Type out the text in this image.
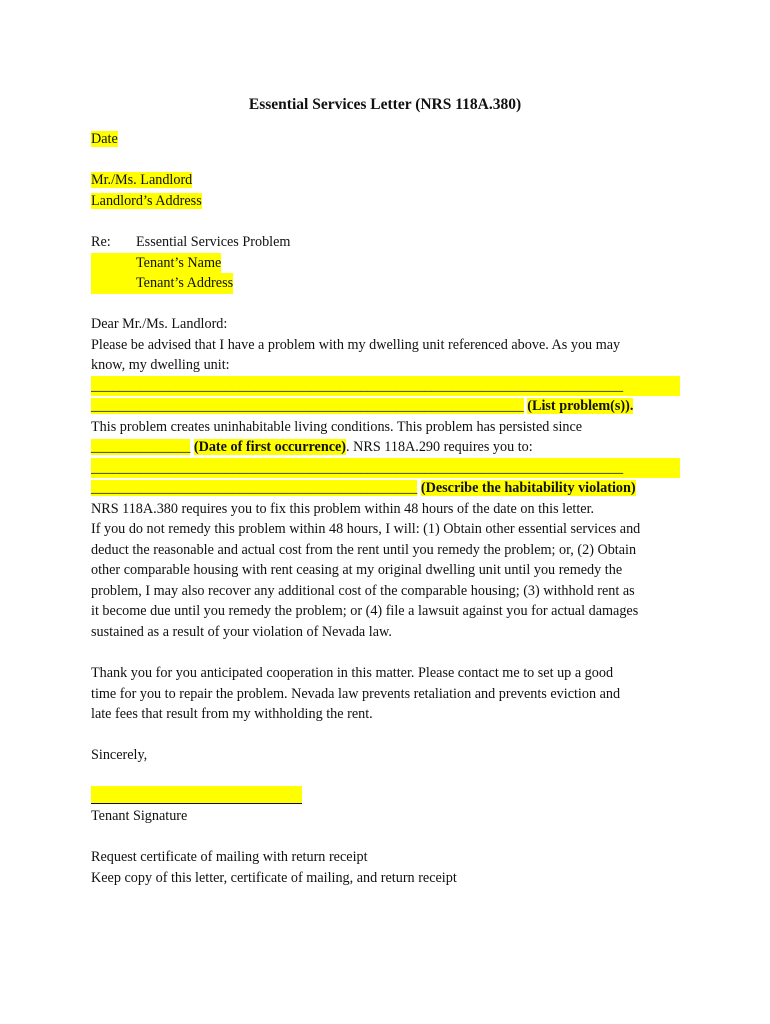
Essential Services Letter (NRS 118A.380)
Date
Mr./Ms. Landlord
Landlord’s Address
Re:	Essential Services Problem
Tenant’s Name
Tenant’s Address
Dear Mr./Ms. Landlord:
Please be advised that I have a problem with my dwelling unit referenced above. As you may
know, my dwelling unit:
___________________________________________________________________________
_____________________________________________________________ (List problem(s)).
This problem creates uninhabitable living conditions. This problem has persisted since
______________ (Date of first occurrence). NRS 118A.290 requires you to:
___________________________________________________________________________
______________________________________________ (Describe the habitability violation)
NRS 118A.380 requires you to fix this problem within 48 hours of the date on this letter.
If you do not remedy this problem within 48 hours, I will: (1) Obtain other essential services and
deduct the reasonable and actual cost from the rent until you remedy the problem; or, (2) Obtain
other comparable housing with rent ceasing at my original dwelling unit until you remedy the
problem, I may also recover any additional cost of the comparable housing; (3) withhold rent as
it become due until you remedy the problem; or (4) file a lawsuit against you for actual damages
sustained as a result of your violation of Nevada law.
Thank you for you anticipated cooperation in this matter. Please contact me to set up a good
time for you to repair the problem. Nevada law prevents retaliation and prevents eviction and
late fees that result from my withholding the rent.
Sincerely,
Tenant Signature
Request certificate of mailing with return receipt
Keep copy of this letter, certificate of mailing, and return receipt
